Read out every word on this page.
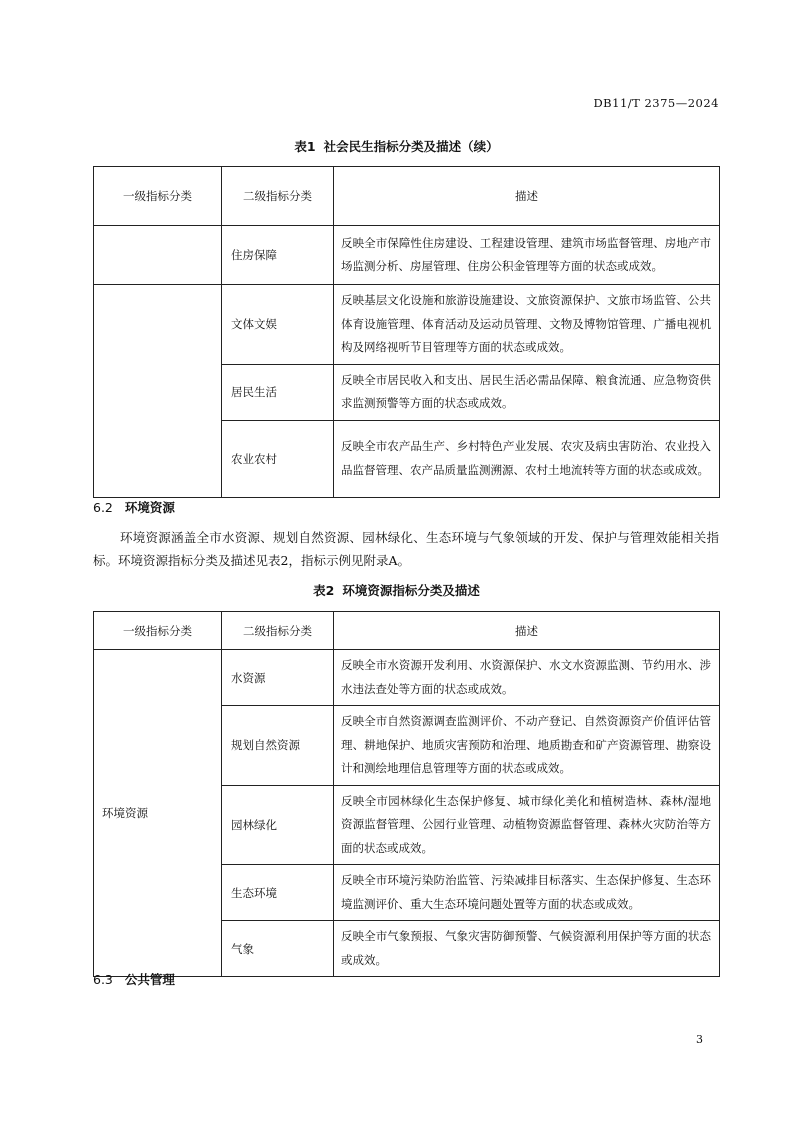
DB11/T 2375—2024
表1 社会民生指标分类及描述（续）
一级指标分类	二级指标分类	描述
	住房保障	反映全市保障性住房建设、工程建设管理、建筑市场监督管理、房地产市场监测分析、房屋管理、住房公积金管理等方面的状态或成效。
	文体文娱	反映基层文化设施和旅游设施建设、文旅资源保护、文旅市场监管、公共体育设施管理、体育活动及运动员管理、文物及博物馆管理、广播电视机构及网络视听节目管理等方面的状态或成效。
	居民生活	反映全市居民收入和支出、居民生活必需品保障、粮食流通、应急物资供求监测预警等方面的状态或成效。
	农业农村	反映全市农产品生产、乡村特色产业发展、农灾及病虫害防治、农业投入品监督管理、农产品质量监测溯源、农村土地流转等方面的状态或成效。
6.2 环境资源
环境资源涵盖全市水资源、规划自然资源、园林绿化、生态环境与气象领域的开发、保护与管理效能相关指标。环境资源指标分类及描述见表2，指标示例见附录A。
表2 环境资源指标分类及描述
一级指标分类	二级指标分类	描述
环境资源	水资源	反映全市水资源开发利用、水资源保护、水文水资源监测、节约用水、涉水违法查处等方面的状态或成效。
	规划自然资源	反映全市自然资源调查监测评价、不动产登记、自然资源资产价值评估管理、耕地保护、地质灾害预防和治理、地质勘查和矿产资源管理、勘察设计和测绘地理信息管理等方面的状态或成效。
	园林绿化	反映全市园林绿化生态保护修复、城市绿化美化和植树造林、森林/湿地资源监督管理、公园行业管理、动植物资源监督管理、森林火灾防治等方面的状态或成效。
	生态环境	反映全市环境污染防治监管、污染减排目标落实、生态保护修复、生态环境监测评价、重大生态环境问题处置等方面的状态或成效。
	气象	反映全市气象预报、气象灾害防御预警、气候资源利用保护等方面的状态或成效。
6.3 公共管理
3
